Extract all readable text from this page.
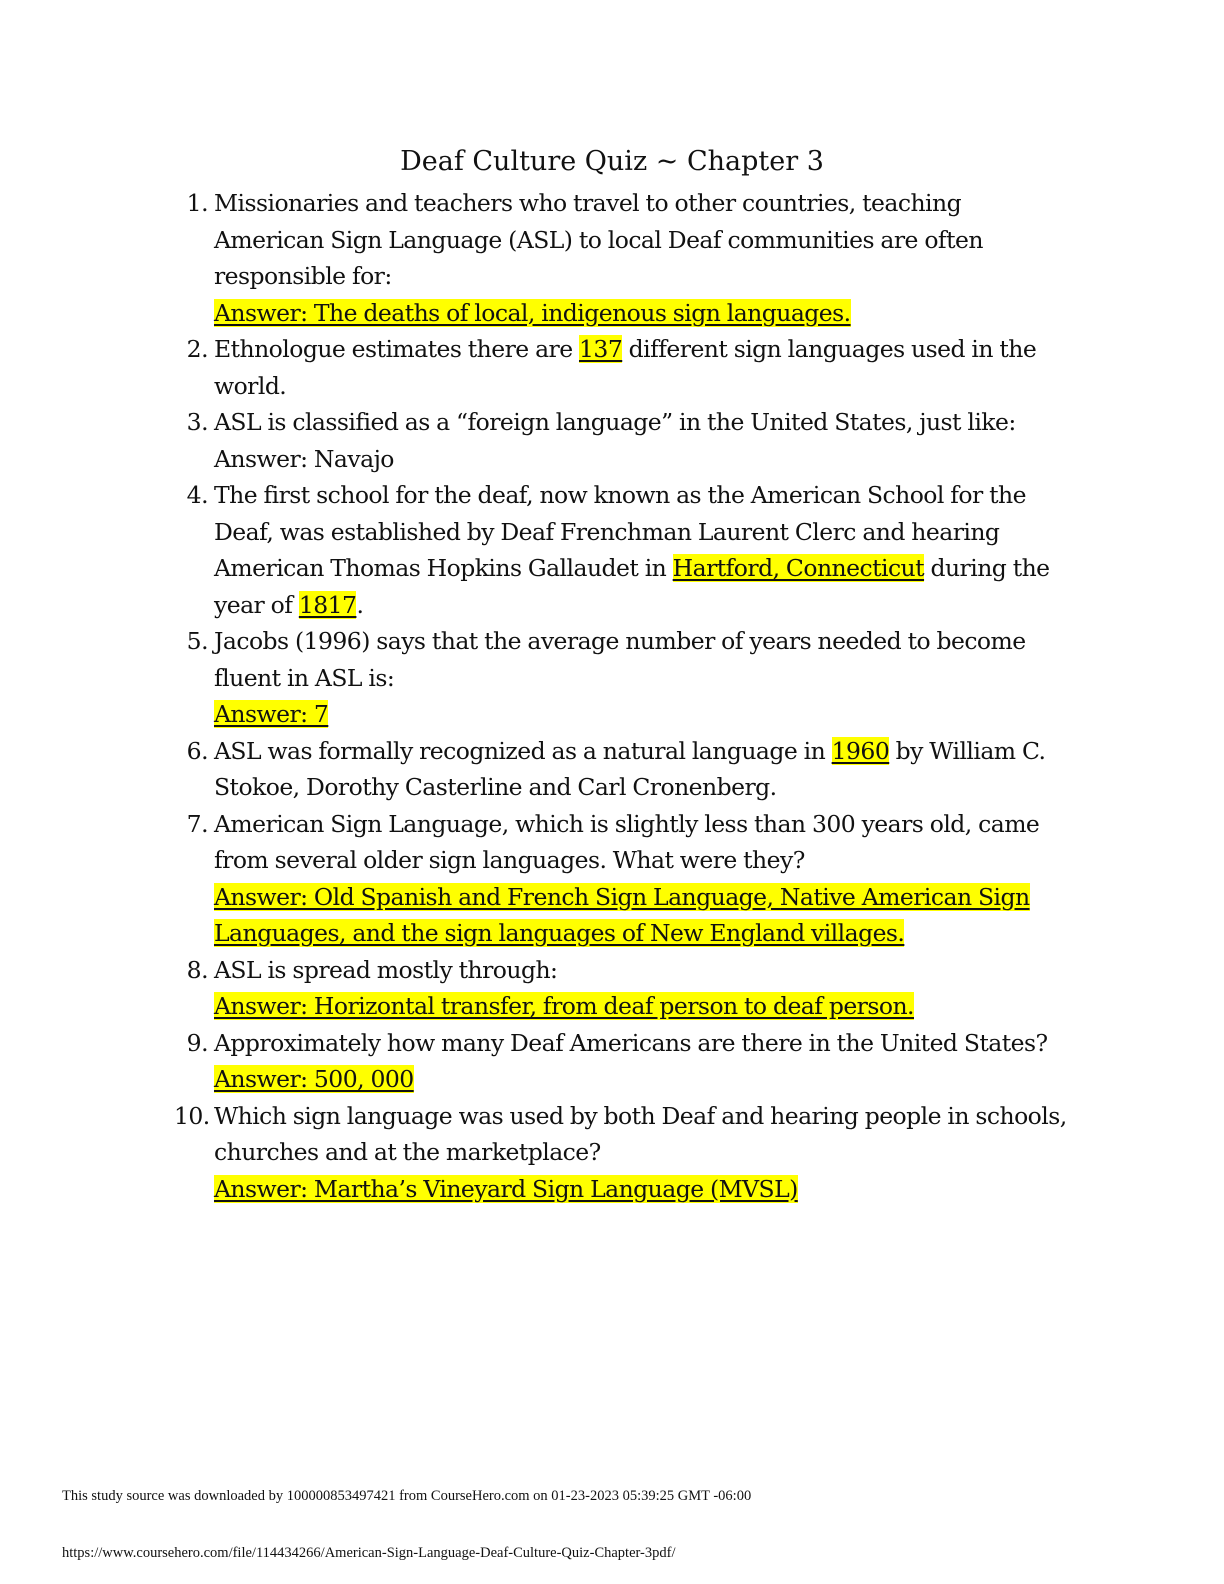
Deaf Culture Quiz ~ Chapter 3
1. Missionaries and teachers who travel to other countries, teaching American Sign Language (ASL) to local Deaf communities are often responsible for:
Answer: The deaths of local, indigenous sign languages.
2. Ethnologue estimates there are 137 different sign languages used in the world.
3. ASL is classified as a “foreign language” in the United States, just like:
Answer: Navajo
4. The first school for the deaf, now known as the American School for the Deaf, was established by Deaf Frenchman Laurent Clerc and hearing American Thomas Hopkins Gallaudet in Hartford, Connecticut during the year of 1817.
5. Jacobs (1996) says that the average number of years needed to become fluent in ASL is:
Answer: 7
6. ASL was formally recognized as a natural language in 1960 by William C. Stokoe, Dorothy Casterline and Carl Cronenberg.
7. American Sign Language, which is slightly less than 300 years old, came from several older sign languages. What were they?
Answer: Old Spanish and French Sign Language, Native American Sign Languages, and the sign languages of New England villages.
8. ASL is spread mostly through:
Answer: Horizontal transfer, from deaf person to deaf person.
9. Approximately how many Deaf Americans are there in the United States?
Answer: 500, 000
10. Which sign language was used by both Deaf and hearing people in schools, churches and at the marketplace?
Answer: Martha’s Vineyard Sign Language (MVSL)
This study source was downloaded by 100000853497421 from CourseHero.com on 01-23-2023 05:39:25 GMT -06:00
https://www.coursehero.com/file/114434266/American-Sign-Language-Deaf-Culture-Quiz-Chapter-3pdf/
